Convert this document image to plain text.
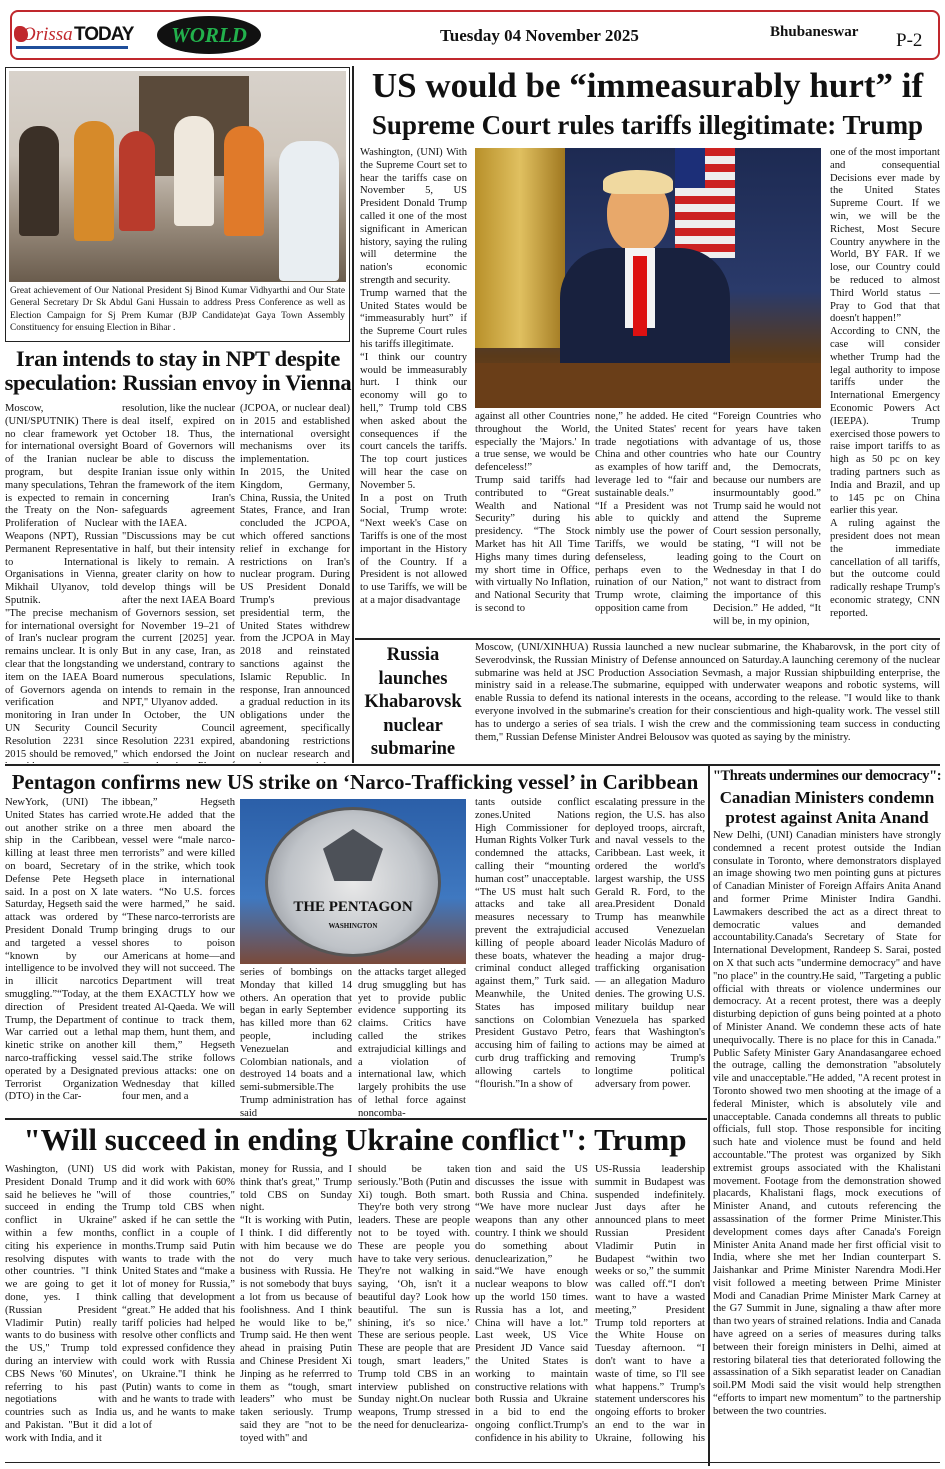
Orissa TODAY	WORLD	Tuesday 04 November 2025	Bhubaneswar P-2
Great achievement of Our National President Sj Binod Kumar Vidhyarthi and Our State General Secretary Dr Sk Abdul Gani Hussain to address Press Conference as well as Election Campaign for Sj Prem Kumar (BJP Candidate)at Gaya Town Assembly Constituency for ensuing Election in Bihar .
Iran intends to stay in NPT despite speculation: Russian envoy in Vienna
Moscow, (UNI/SPUTNIK) There is no clear framework yet for international oversight of the Iranian nuclear program, but despite many speculations, Tehran is expected to remain in the Treaty on the Non-Proliferation of Nuclear Weapons (NPT), Russian Permanent Representative to International Organisations in Vienna, Mikhail Ulyanov, told Sputnik.
"The precise mechanism for international oversight of Iran's nuclear program remains unclear. It is only clear that the longstanding item on the IAEA Board of Governors agenda on verification and monitoring in Iran under UN Security Council Resolution 2231 since 2015 should be removed,"

resolution, like the nuclear deal itself, expired on October 18. Thus, the Board of Governors will be able to discuss the Iranian issue only within the framework of the item concerning Iran's safeguards agreement with the IAEA.
"Discussions may be cut in half, but their intensity is likely to remain. A greater clarity on how to develop things will be after the next IAEA Board of Governors session, set for November 19–21 of the current [2025] year. But in any case, Iran, as we understand, contrary to numerous speculations, intends to remain in the NPT," Ulyanov added.
In October, the UN Security Council Resolution 2231 expired, which endorsed the Joint
(JCPOA, or nuclear deal) in 2015 and established international oversight mechanisms over its implementation.
In 2015, the United Kingdom, Germany, China, Russia, the United States, France, and Iran concluded the JCPOA, which offered sanctions relief in exchange for restrictions on Iran's nuclear program. During US President Donald Trump's previous presidential term, the United States withdrew from the JCPOA in May 2018 and reinstated sanctions against the Islamic Republic. In response, Iran announced a gradual reduction in its obligations under the agreement, specifically abandoning restrictions on nuclear research and
US would be “immeasurably hurt” if
Supreme Court rules tariffs illegitimate: Trump
Washington, (UNI) With the Supreme Court set to hear the tariffs case on November 5, US President Donald Trump called it one of the most significant in American history, saying the ruling will determine the nation's economic strength and security.
Trump warned that the United States would be “immeasurably hurt” if the Supreme Court rules his tariffs illegitimate.
“I think our country would be immeasurably hurt. I think our economy will go to hell,” Trump told CBS when asked about the consequences if the court cancels the tariffs. The top court justices will hear the case on November 5.
In a post on Truth Social, Trump wrote: “Next week's Case on Tariffs is one of the most important in the History of the Country. If a President is not allowed to use Tariffs, we will be at a major disadvantage
against all other Countries throughout the World, especially the 'Majors.' In a true sense, we would be defenceless!”
Trump said tariffs had contributed to “Great Wealth and National Security” during his presidency. “The Stock Market has hit All Time Highs many times during my short time in Office, with virtually No Inflation, and National Security that is second to
none,” he added. He cited the United States' recent trade negotiations with China and other countries as examples of how tariff leverage led to “fair and sustainable deals.”
“If a President was not able to quickly and nimbly use the power of Tariffs, we would be defenseless, leading perhaps even to the ruination of our Nation,” Trump wrote, claiming opposition came from
“Foreign Countries who for years have taken advantage of us, those who hate our Country and, the Democrats, because our numbers are insurmountably good.” Trump said he would not attend the Supreme Court session personally, stating, “I will not be going to the Court on Wednesday in that I do not want to distract from the importance of this Decision.” He added, “It will be, in my opinion,
one of the most important and consequential Decisions ever made by the United States Supreme Court. If we win, we will be the Richest, Most Secure Country anywhere in the World, BY FAR. If we lose, our Country could be reduced to almost Third World status — Pray to God that that doesn't happen!”
According to CNN, the case will consider whether Trump had the legal authority to impose tariffs under the International Emergency Economic Powers Act (IEEPA). Trump exercised those powers to raise import tariffs to as high as 50 pc on key trading partners such as India and Brazil, and up to 145 pc on China earlier this year.
A ruling against the president does not mean the immediate cancellation of all tariffs, but the outcome could radically reshape Trump's economic strategy, CNN reported.
Russia launches Khabarovsk nuclear submarine
Moscow, (UNI/XINHUA) Russia launched a new nuclear submarine, the Khabarovsk, in the port city of Severodvinsk, the Russian Ministry of Defense announced on Saturday.A launching ceremony of the nuclear submarine was held at JSC Production Association Sevmash, a major Russian shipbuilding enterprise, the ministry said in a release.The submarine, equipped with underwater weapons and robotic systems, will enable Russia to defend its national interests in the oceans, according to the release. "I would like to thank everyone involved in the submarine's creation for their conscientious and high-quality work. The vessel still has to undergo a series of sea trials. I wish the crew and the commissioning team success in conducting them," Russian Defense Minister Andrei Belousov was quoted as saying by the ministry.
Pentagon confirms new US strike on ‘Narco-Trafficking vessel’ in Caribbean
NewYork, (UNI) The United States has carried out another strike on a ship in the Caribbean, killing at least three men on board, Secretary of Defense Pete Hegseth said. In a post on X late Saturday, Hegseth said the attack was ordered by President Donald Trump and targeted a vessel “known by our intelligence to be involved in illicit narcotics smuggling.”“Today, at the direction of President Trump, the Department of War carried out a lethal kinetic strike on another narco-trafficking vessel operated by a Designated Terrorist Organization (DTO) in the Car-
ibbean,” Hegseth wrote.He added that the three men aboard the vessel were “male narco-terrorists” and were killed in the strike, which took place in international waters. “No U.S. forces were harmed,” he said. “These narco-terrorists are bringing drugs to our shores to poison Americans at home—and they will not succeed. The Department will treat them EXACTLY how we treated Al-Qaeda. We will continue to track them, map them, hunt them, and kill them,” Hegseth said.The strike follows previous attacks: one on Wednesday that killed four men, and a
THE PENTAGON
WASHINGTON
series of bombings on Monday that killed 14 others. An operation that began in early September has killed more than 62 people, including Venezuelan and Colombian nationals, and destroyed 14 boats and a semi-submersible.The Trump administration has said
the attacks target alleged drug smuggling but has yet to provide public evidence supporting its claims. Critics have called the strikes extrajudicial killings and a violation of international law, which largely prohibits the use of lethal force against noncomba-
tants outside conflict zones.United Nations High Commissioner for Human Rights Volker Turk condemned the attacks, calling their “mounting human cost” unacceptable. “The US must halt such attacks and take all measures necessary to prevent the extrajudicial killing of people aboard these boats, whatever the criminal conduct alleged against them,” Turk said. Meanwhile, the United States has imposed sanctions on Colombian President Gustavo Petro, accusing him of failing to curb drug trafficking and allowing cartels to “flourish.”In a show of
escalating pressure in the region, the U.S. has also deployed troops, aircraft, and naval vessels to the Caribbean. Last week, it ordered the world's largest warship, the USS Gerald R. Ford, to the area.President Donald Trump has meanwhile accused Venezuelan leader Nicolás Maduro of heading a major drug-trafficking organisation — an allegation Maduro denies. The growing U.S. military buildup near Venezuela has sparked fears that Washington's actions may be aimed at removing Trump's longtime political adversary from power.
"Threats undermines our democracy":
Canadian Ministers condemn protest against Anita Anand
New Delhi, (UNI) Canadian ministers have strongly condemned a recent protest outside the Indian consulate in Toronto, where demonstrators displayed an image showing two men pointing guns at pictures of Canadian Minister of Foreign Affairs Anita Anand and former Prime Minister Indira Gandhi. Lawmakers described the act as a direct threat to democratic values and demanded accountability.Canada's Secretary of State for International Development, Randeep S. Sarai, posted on X that such acts "undermine democracy" and have "no place" in the country.He said, "Targeting a public official with threats or violence undermines our democracy. At a recent protest, there was a deeply disturbing depiction of guns being pointed at a photo of Minister Anand. We condemn these acts of hate unequivocally. There is no place for this in Canada." Public Safety Minister Gary Anandasangaree echoed the outrage, calling the demonstration "absolutely vile and unacceptable."He added, "A recent protest in Toronto showed two men shooting at the image of a federal Minister, which is absolutely vile and unacceptable. Canada condemns all threats to public officials, full stop. Those responsible for inciting such hate and violence must be found and held accountable."The protest was organized by Sikh extremist groups associated with the Khalistani movement. Footage from the demonstration showed placards, Khalistani flags, mock executions of Minister Anand, and cutouts referencing the assassination of the former Prime Minister.This development comes days after Canada's Foreign Minister Anita Anand made her first official visit to India, where she met her Indian counterpart S. Jaishankar and Prime Minister Narendra Modi.Her visit followed a meeting between Prime Minister Modi and Canadian Prime Minister Mark Carney at the G7 Summit in June, signaling a thaw after more than two years of strained relations. India and Canada have agreed on a series of measures during talks between their foreign ministers in Delhi, aimed at restoring bilateral ties that deteriorated following the assassination of a Sikh separatist leader on Canadian soil.PM Modi said the visit would help strengthen “efforts to impart new momentum” to the partnership between the two countries.
"Will succeed in ending Ukraine conflict": Trump
Washington, (UNI) US President Donald Trump said he believes he "will succeed in ending the conflict in Ukraine" within a few months, citing his experience in resolving disputes with other countries. "I think we are going to get it done, yes. I think (Russian President Vladimir Putin) really wants to do business with the US," Trump told during an interview with CBS News '60 Minutes', referring to his past negotiations with countries such as India and Pakistan. "But it did work with India, and it
did work with Pakistan, and it did work with 60% of those countries," Trump told CBS when asked if he can settle the conflict in a couple of months.Trump said Putin wants to trade with the United States and “make a lot of money for Russia,” calling that development “great.” He added that his tariff policies had helped resolve other conflicts and expressed confidence they could work with Russia on Ukraine."I think he (Putin) wants to come in and he wants to trade with us, and he wants to make a lot of
money for Russia, and I think that's great," Trump told CBS on Sunday night.
“It is working with Putin, I think. I did differently with him because we do not do very much business with Russia. He is not somebody that buys a lot from us because of foolishness. And I think he would like to be," Trump said. He then went ahead in praising Putin and Chinese President Xi Jinping as he referrred to them as “tough, smart leaders” who must be taken seriously. Trump said they are "not to be toyed with" and
should be taken seriously."Both (Putin and Xi) tough. Both smart. They're both very strong leaders. These are people not to be toyed with. These are people you have to take very serious. They're not walking in saying, ‘Oh, isn't it a beautiful day? Look how beautiful. The sun is shining, it's so nice.’ These are serious people. These are people that are tough, smart leaders," Trump told CBS in an interview published on Sunday night.On nuclear weapons, Trump stressed the need for denucleariza-
tion and said the US discusses the issue with both Russia and China. “We have more nuclear weapons than any other country. I think we should do something about denuclearization,” he said.“We have enough nuclear weapons to blow up the world 150 times. Russia has a lot, and China will have a lot.” Last week, US Vice President JD Vance said the United States is working to maintain constructive relations with both Russia and Ukraine in a bid to end the ongoing conflict.Trump's confidence in his ability to
US-Russia leadership summit in Budapest was suspended indefinitely. Just days after he announced plans to meet Russian President Vladimir Putin in Budapest “within two weeks or so,” the summit was called off.“I don't want to have a wasted meeting,” President Trump told reporters at the White House on Tuesday afternoon. “I don't want to have a waste of time, so I'll see what happens.” Trump's statement underscores his ongoing efforts to broker an end to the war in Ukraine, following his
